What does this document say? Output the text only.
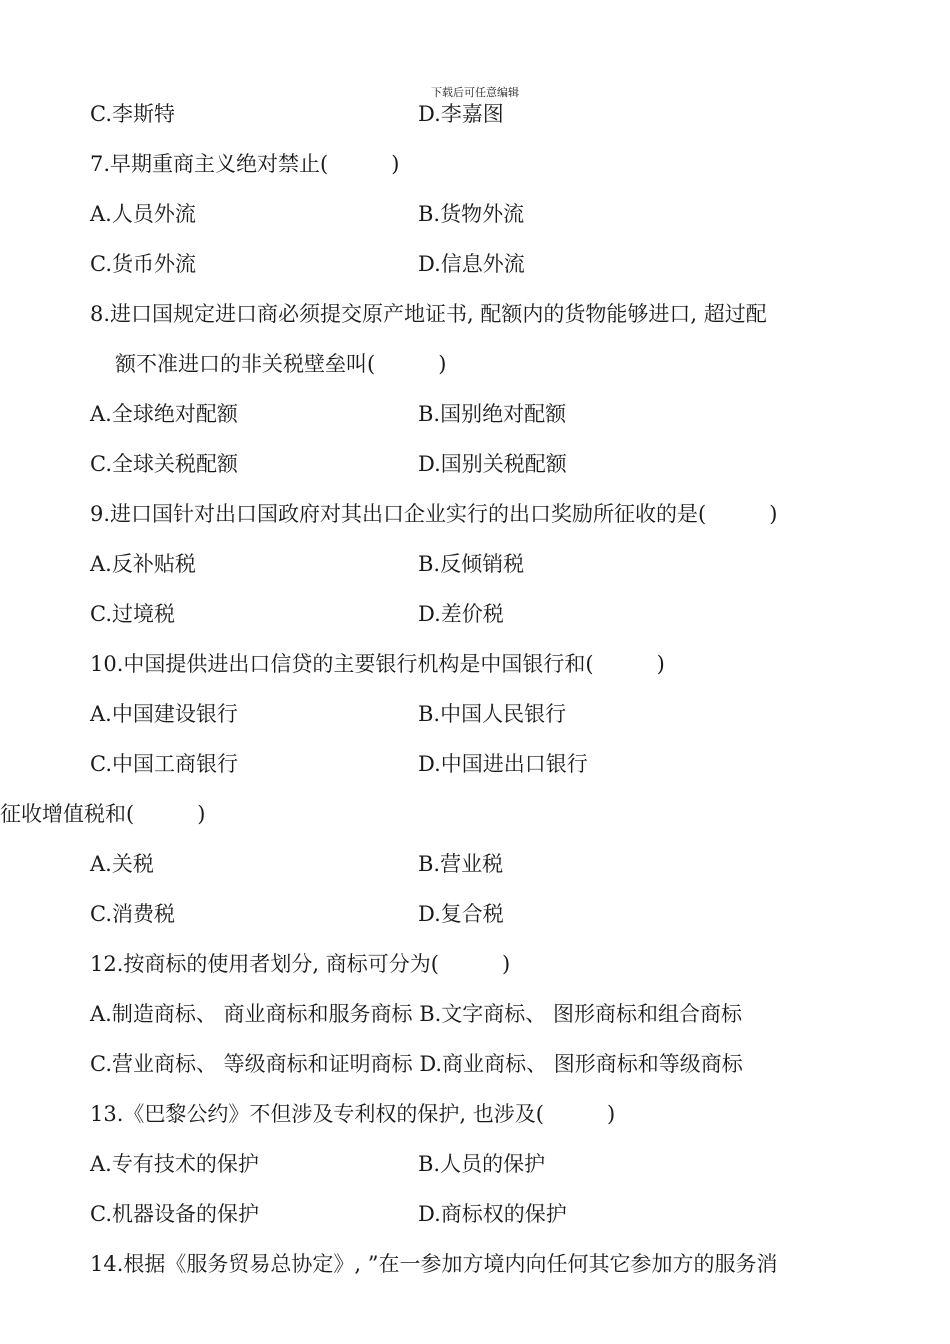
下载后可任意编辑
C.李斯特	D.李嘉图
7.早期重商主义绝对禁止(   )
A.人员外流	B.货物外流
C.货币外流	D.信息外流
8.进口国规定进口商必须提交原产地证书, 配额内的货物能够进口, 超过配
额不准进口的非关税壁垒叫(   )
A.全球绝对配额	B.国别绝对配额
C.全球关税配额	D.国别关税配额
9.进口国针对出口国政府对其出口企业实行的出口奖励所征收的是(   )
A.反补贴税	B.反倾销税
C.过境税	D.差价税
10.中国提供进出口信贷的主要银行机构是中国银行和(   )
A.中国建设银行	B.中国人民银行
C.中国工商银行	D.中国进出口银行
征收增值税和(   )
A.关税	B.营业税
C.消费税	D.复合税
12.按商标的使用者划分, 商标可分为(   )
A.制造商标、 商业商标和服务商标 B.文字商标、 图形商标和组合商标
C.营业商标、 等级商标和证明商标 D.商业商标、 图形商标和等级商标
13.《巴黎公约》不但涉及专利权的保护, 也涉及(   )
A.专有技术的保护	B.人员的保护
C.机器设备的保护	D.商标权的保护
14.根据《服务贸易总协定》, ”在一参加方境内向任何其它参加方的服务消
